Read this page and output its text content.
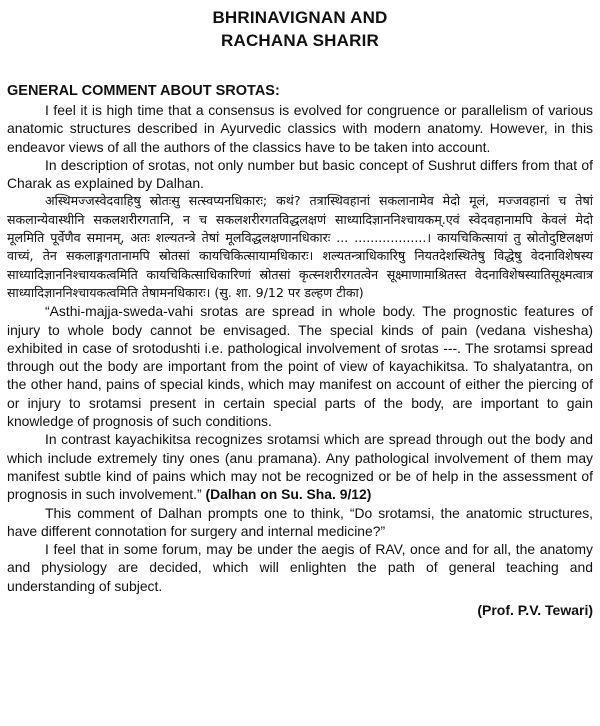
BHRINAVIGNAN AND
RACHANA SHARIR
GENERAL COMMENT ABOUT SROTAS:

I feel it is high time that a consensus is evolved for congruence or parallelism of various anatomic structures described in Ayurvedic classics with modern anatomy. However, in this endeavor views of all the authors of the classics have to be taken into account.

In description of srotas, not only number but basic concept of Sushrut differs from that of Charak as explained by Dalhan.

अस्थिमज्जस्वेदवाहिषु स्रोतःसु सत्स्वप्यनधिकारः; कथं? तत्रास्थिवहानां सकलानामेव मेदो मूलं, मज्जवहानां च तेषां सकलान्येवास्थीनि सकलशरीरगतानि, न च सकलशरीरगतविद्धलक्षणं साध्यादिज्ञाननिश्चायकम्‌.एवं स्वेदवहानामपि केवलं मेदो मूलमिति पूर्वेणैव समानम्‌, अतः शल्यतन्त्रे तेषां मूलविद्धलक्षणानधिकारः ... ..................। कायचिकित्सायां तु स्रोतोदुष्टिलक्षणं वाच्यं, तेन सकलाङ्गगतानामपि स्रोतसां कायचिकित्सायामधिकारः। शल्यतन्त्राधिकारिषु नियतदेशस्थितेषु विद्धेषु वेदनाविशेषस्य साध्यादिज्ञाननिश्चायकत्वमिति कायचिकित्साधिकारिणां स्रोतसां कृत्स्नशरीरगतत्वेन सूक्ष्माणामाश्रितस्त वेदनाविशेषस्यातिसूक्ष्मत्वात्र साध्यादिज्ञाननिश्चायकत्वमिति तेषामनधिकारः। (सु. शा. 9/12 पर डल्हण टीका)

“Asthi-majja-sweda-vahi srotas are spread in whole body. The prognostic features of injury to whole body cannot be envisaged. The special kinds of pain (vedana vishesha) exhibited in case of srotodushti i.e. pathological involvement of srotas ---. The srotamsi spread through out the body are important from the point of view of kayachikitsa. To shalyatantra, on the other hand, pains of special kinds, which may manifest on account of either the piercing of or injury to srotamsi present in certain special parts of the body, are important to gain knowledge of prognosis of such conditions.

In contrast kayachikitsa recognizes srotamsi which are spread through out the body and which include extremely tiny ones (anu pramana). Any pathological involvement of them may manifest subtle kind of pains which may not be recognized or be of help in the assessment of prognosis in such involvement.” (Dalhan on Su. Sha. 9/12)

This comment of Dalhan prompts one to think, “Do srotamsi, the anatomic structures, have different connotation for surgery and internal medicine?”

I feel that in some forum, may be under the aegis of RAV, once and for all, the anatomy and physiology are decided, which will enlighten the path of general teaching and understanding of subject.

(Prof. P.V. Tewari)
